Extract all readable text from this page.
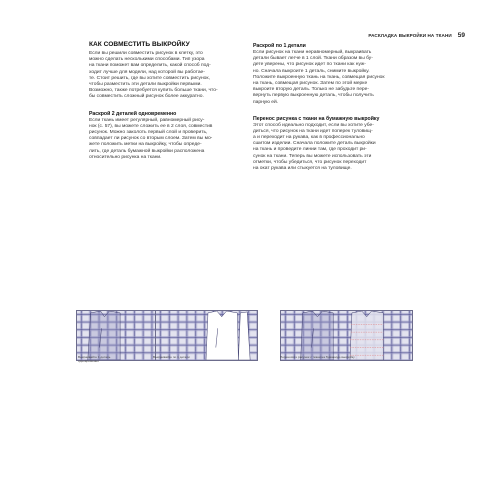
РАСКЛАДКА ВЫКРОЙКИ НА ТКАНИ 59
КАК СОВМЕСТИТЬ ВЫКРОЙКУ

Если вы решили совместить рисунок в клетку, это
можно сделать несколькими способами. Тип узора
на ткани поможет вам определить, какой способ под-
ходит лучше для модели, над которой вы работае-
те. Стоит решить, где вы хотите совместить рисунок,
чтобы разместить эти детали выкройки первыми.
Возможно, также потребуется купить больше ткани, что-
бы совместить сложный рисунок более аккуратно.

Раскрой 2 деталей одновременно

Если ткань имеет регулярный, равномерный рису-
нок (с. 57), вы можете сложить ее в 2 слоя, совместив
рисунок. Можно заколоть первый слой и проверить,
совпадает ли рисунок со вторым слоем. Затем вы мо-
жете положить метки на выкройку, чтобы опреде-
лить, где деталь бумажной выкройки расположена
относительно рисунка на ткани.

Раскрой по 1 детали

Если рисунок на ткани неравномерный, выкраивать
детали бывает легче в 1 слой. Ткани образом вы бу-
дете уверены, что рисунок идет по ткани как нуж-
но. Сначала выкроите 1 деталь, снимите выкройку.
Положите выкроенную ткань на ткань, совмещая рисунок
на ткань, совмещая рисунок. Затем по этой мерке
выкроите вторую деталь. Только не забудьте пере-
вернуть первую выкроенную деталь, чтобы получить
парную ей.

Перенос рисунка с ткани на бумажную выкройку

Этот способ идеально подходит, если вы хотите убе-
диться, что рисунок на ткани идет поперек туловищ-
а и переходит на рукава, как в профессионально
сшитом изделии. Сначала положите деталь выкройки
на ткань и проведите линии там, где проходит ри-
сунок на ткани. Теперь вы можете использовать эти
отметки, чтобы убедиться, что рисунок переходит
на окат рукава или стыкуется на туловище.

Выкраивайте 1 деталь
одновременно
Выкраивайте по 1 детали	Переносите рисунок с ткани на бумажную выкройку
